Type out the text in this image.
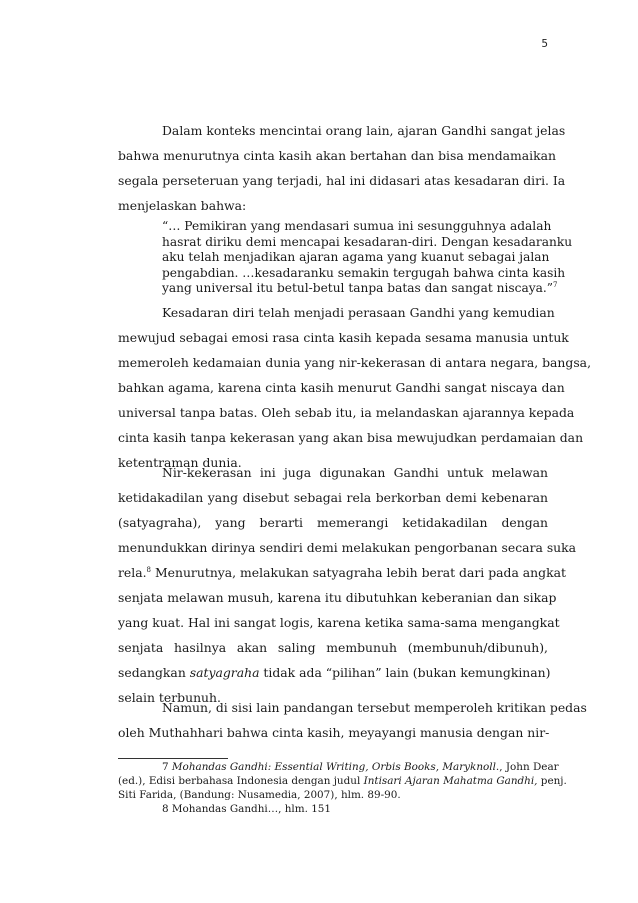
5
Dalam konteks mencintai orang lain, ajaran Gandhi sangat jelas
bahwa menurutnya cinta kasih akan bertahan dan bisa mendamaikan
segala perseteruan yang terjadi, hal ini didasari atas kesadaran diri. Ia
menjelaskan bahwa:
“… Pemikiran yang mendasari sumua ini sesungguhnya adalah
hasrat diriku demi mencapai kesadaran-diri. Dengan kesadaranku
aku telah menjadikan ajaran agama yang kuanut sebagai jalan
pengabdian. …kesadaranku semakin tergugah bahwa cinta kasih
yang universal itu betul-betul tanpa batas dan sangat niscaya.”$^7$
Kesadaran diri telah menjadi perasaan Gandhi yang kemudian
mewujud sebagai emosi rasa cinta kasih kepada sesama manusia untuk
memeroleh kedamaian dunia yang nir-kekerasan di antara negara, bangsa,
bahkan agama, karena cinta kasih menurut Gandhi sangat niscaya dan
universal tanpa batas. Oleh sebab itu, ia melandaskan ajarannya kepada
cinta kasih tanpa kekerasan yang akan bisa mewujudkan perdamaian dan
ketentraman dunia.
Nir-kekerasan ini juga digunakan Gandhi untuk melawan
ketidakadilan yang disebut sebagai rela berkorban demi kebenaran
(satyagraha), yang berarti memerangi ketidakadilan dengan
menundukkan dirinya sendiri demi melakukan pengorbanan secara suka
rela.$^8$ Menurutnya, melakukan satyagraha lebih berat dari pada angkat
senjata melawan musuh, karena itu dibutuhkan keberanian dan sikap
yang kuat. Hal ini sangat logis, karena ketika sama-sama mengangkat
senjata hasilnya akan saling membunuh (membunuh/dibunuh),
sedangkan satyagraha tidak ada “pilihan” lain (bukan kemungkinan)
selain terbunuh.
Namun, di sisi lain pandangan tersebut memperoleh kritikan pedas
oleh Muthahhari bahwa cinta kasih, meyayangi manusia dengan nir-
7 Mohandas Gandhi: Essential Writing, Orbis Books, Maryknoll., John Dear
(ed.), Edisi berbahasa Indonesia dengan judul Intisari Ajaran Mahatma Gandhi, penj.
Siti Farida, (Bandung: Nusamedia, 2007), hlm. 89-90.
8 Mohandas Gandhi…, hlm. 151
